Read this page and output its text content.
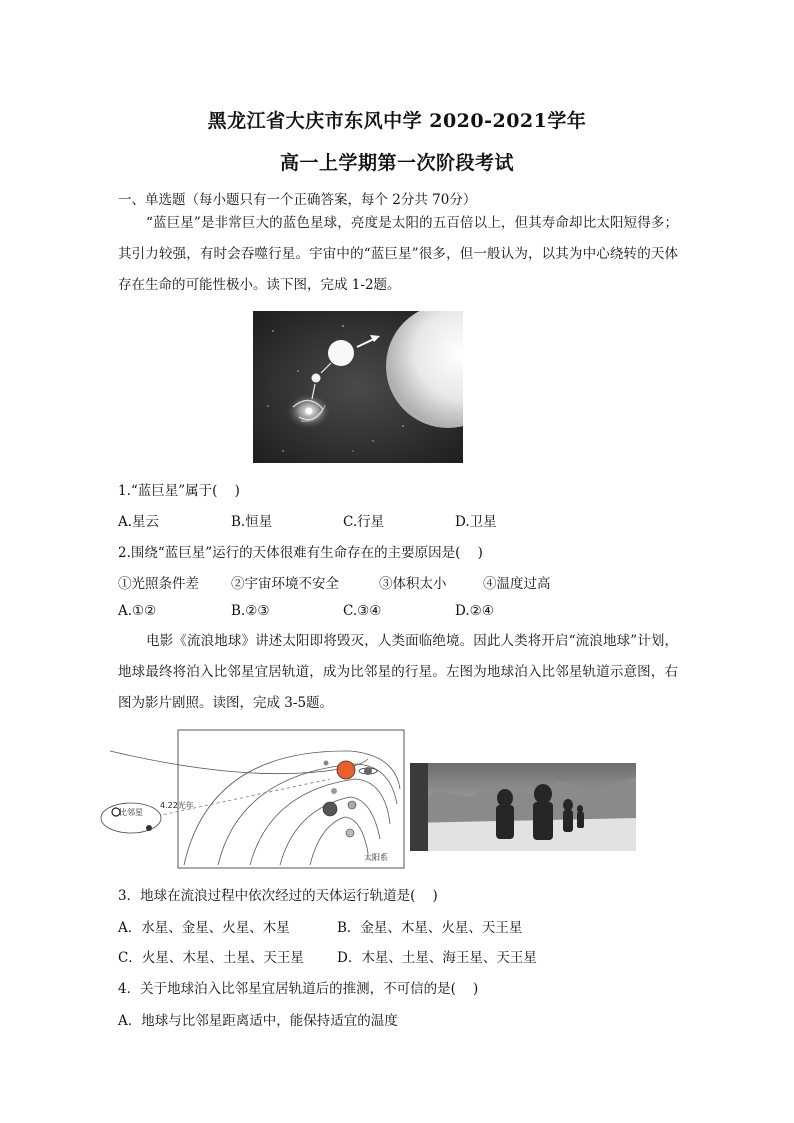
黑龙江省大庆市东风中学 2020-2021学年
高一上学期第一次阶段考试
一、单选题（每小题只有一个正确答案，每个 2分共 70分）
“蓝巨星”是非常巨大的蓝色星球，亮度是太阳的五百倍以上，但其寿命却比太阳短得多；其引力较强，有时会吞噬行星。宇宙中的“蓝巨星”很多，但一般认为，以其为中心绕转的天体存在生命的可能性极小。读下图，完成 1-2题。
1.“蓝巨星”属于(    )
A.星云	B.恒星	C.行星	D.卫星
2.围绕“蓝巨星”运行的天体很难有生命存在的主要原因是(    )
①光照条件差 ②宇宙环境不安全	③体积太小	④温度过高
A.①②	B.②③	C.③④	D.②④
电影《流浪地球》讲述太阳即将毁灭，人类面临绝境。因此人类将开启“流浪地球”计划，地球最终将泊入比邻星宜居轨道，成为比邻星的行星。左图为地球泊入比邻星轨道示意图，右图为影片剧照。读图，完成 3-5题。
比邻星
4.22光年
太阳系
3．地球在流浪过程中依次经过的天体运行轨道是(    )
A．水星、金星、火星、木星	B．金星、木星、火星、天王星
C．火星、木星、土星、天王星 D．木星、土星、海王星、天王星
4．关于地球泊入比邻星宜居轨道后的推测，不可信的是(    )
A．地球与比邻星距离适中，能保持适宜的温度
